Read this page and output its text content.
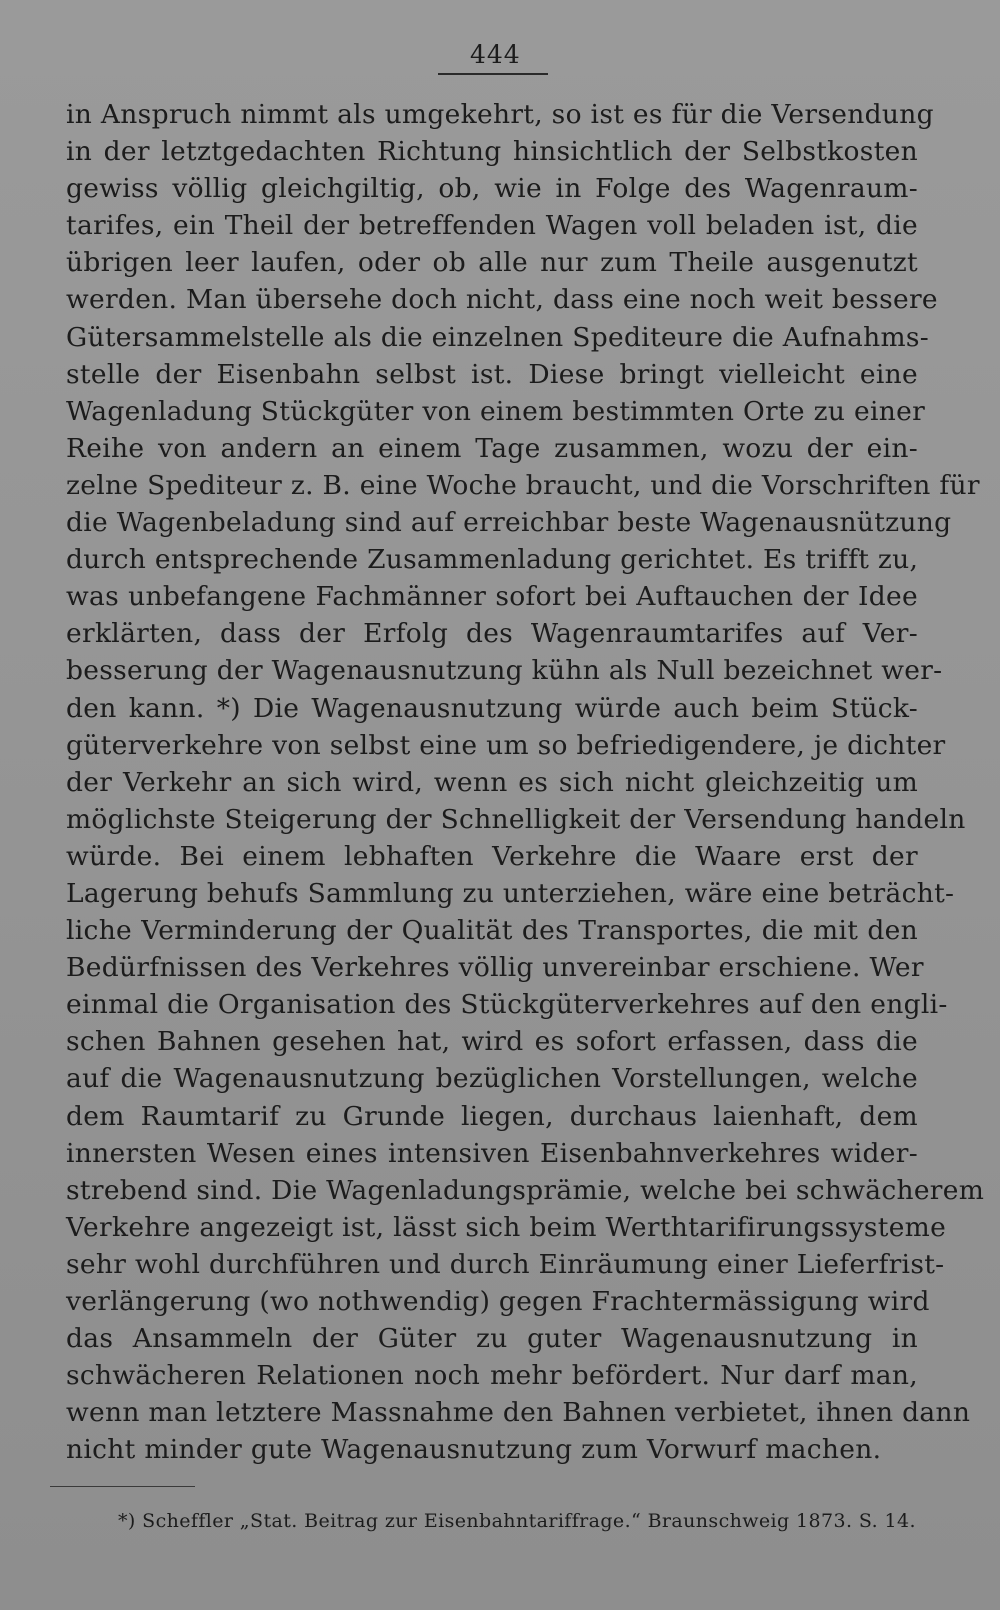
444
in Anspruch nimmt als umgekehrt, so ist es für die Versendung
in der letztgedachten Richtung hinsichtlich der Selbstkosten
gewiss völlig gleichgiltig, ob, wie in Folge des Wagenraum-
tarifes, ein Theil der betreffenden Wagen voll beladen ist, die
übrigen leer laufen, oder ob alle nur zum Theile ausgenutzt
werden. Man übersehe doch nicht, dass eine noch weit bessere
Gütersammelstelle als die einzelnen Spediteure die Aufnahms-
stelle der Eisenbahn selbst ist. Diese bringt vielleicht eine
Wagenladung Stückgüter von einem bestimmten Orte zu einer
Reihe von andern an einem Tage zusammen, wozu der ein-
zelne Spediteur z. B. eine Woche braucht, und die Vorschriften für
die Wagenbeladung sind auf erreichbar beste Wagenausnützung
durch entsprechende Zusammenladung gerichtet. Es trifft zu,
was unbefangene Fachmänner sofort bei Auftauchen der Idee
erklärten, dass der Erfolg des Wagenraumtarifes auf Ver-
besserung der Wagenausnutzung kühn als Null bezeichnet wer-
den kann. *) Die Wagenausnutzung würde auch beim Stück-
güterverkehre von selbst eine um so befriedigendere, je dichter
der Verkehr an sich wird, wenn es sich nicht gleichzeitig um
möglichste Steigerung der Schnelligkeit der Versendung handeln
würde. Bei einem lebhaften Verkehre die Waare erst der
Lagerung behufs Sammlung zu unterziehen, wäre eine beträcht-
liche Verminderung der Qualität des Transportes, die mit den
Bedürfnissen des Verkehres völlig unvereinbar erschiene. Wer
einmal die Organisation des Stückgüterverkehres auf den engli-
schen Bahnen gesehen hat, wird es sofort erfassen, dass die
auf die Wagenausnutzung bezüglichen Vorstellungen, welche
dem Raumtarif zu Grunde liegen, durchaus laienhaft, dem
innersten Wesen eines intensiven Eisenbahnverkehres wider-
strebend sind. Die Wagenladungsprämie, welche bei schwächerem
Verkehre angezeigt ist, lässt sich beim Werthtarifirungssysteme
sehr wohl durchführen und durch Einräumung einer Lieferfrist-
verlängerung (wo nothwendig) gegen Frachtermässigung wird
das Ansammeln der Güter zu guter Wagenausnutzung in
schwächeren Relationen noch mehr befördert. Nur darf man,
wenn man letztere Massnahme den Bahnen verbietet, ihnen dann
nicht minder gute Wagenausnutzung zum Vorwurf machen.
*) Scheffler „Stat. Beitrag zur Eisenbahntariffrage.“ Braunschweig 1873. S. 14.
